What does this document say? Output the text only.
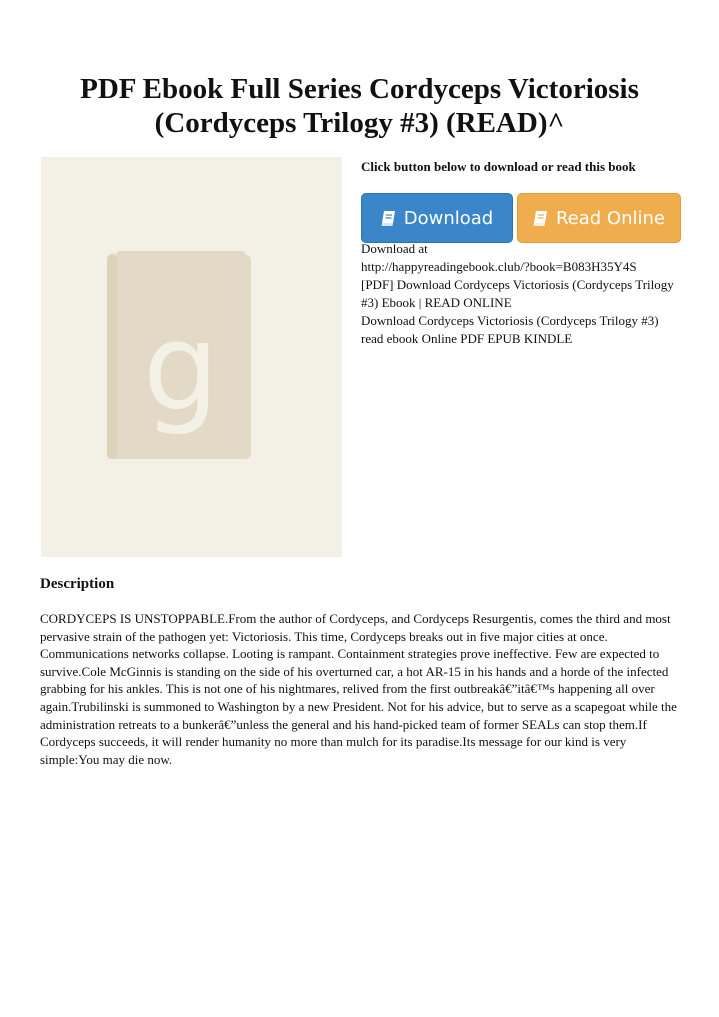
PDF Ebook Full Series Cordyceps Victoriosis (Cordyceps Trilogy #3) (READ)^
g

Click button below to download or read this book

Download	Read Online

Download at

http://happyreadingebook.club/?book=B083H35Y4S

[PDF] Download Cordyceps Victoriosis (Cordyceps Trilogy #3) Ebook | READ ONLINE

Download Cordyceps Victoriosis (Cordyceps Trilogy #3) read ebook Online PDF EPUB KINDLE

Description

CORDYCEPS IS UNSTOPPABLE.From the author of Cordyceps, and Cordyceps Resurgentis, comes the third and most pervasive strain of the pathogen yet: Victoriosis. This time, Cordyceps breaks out in five major cities at once. Communications networks collapse. Looting is rampant. Containment strategies prove ineffective. Few are expected to survive.Cole McGinnis is standing on the side of his overturned car, a hot AR-15 in his hands and a horde of the infected grabbing for his ankles. This is not one of his nightmares, relived from the first outbreakâ€”itâ€™s happening all over again.Trubilinski is summoned to Washington by a new President. Not for his advice, but to serve as a scapegoat while the administration retreats to a bunkerâ€”unless the general and his hand-picked team of former SEALs can stop them.If Cordyceps succeeds, it will render humanity no more than mulch for its paradise.Its message for our kind is very simple:You may die now.
